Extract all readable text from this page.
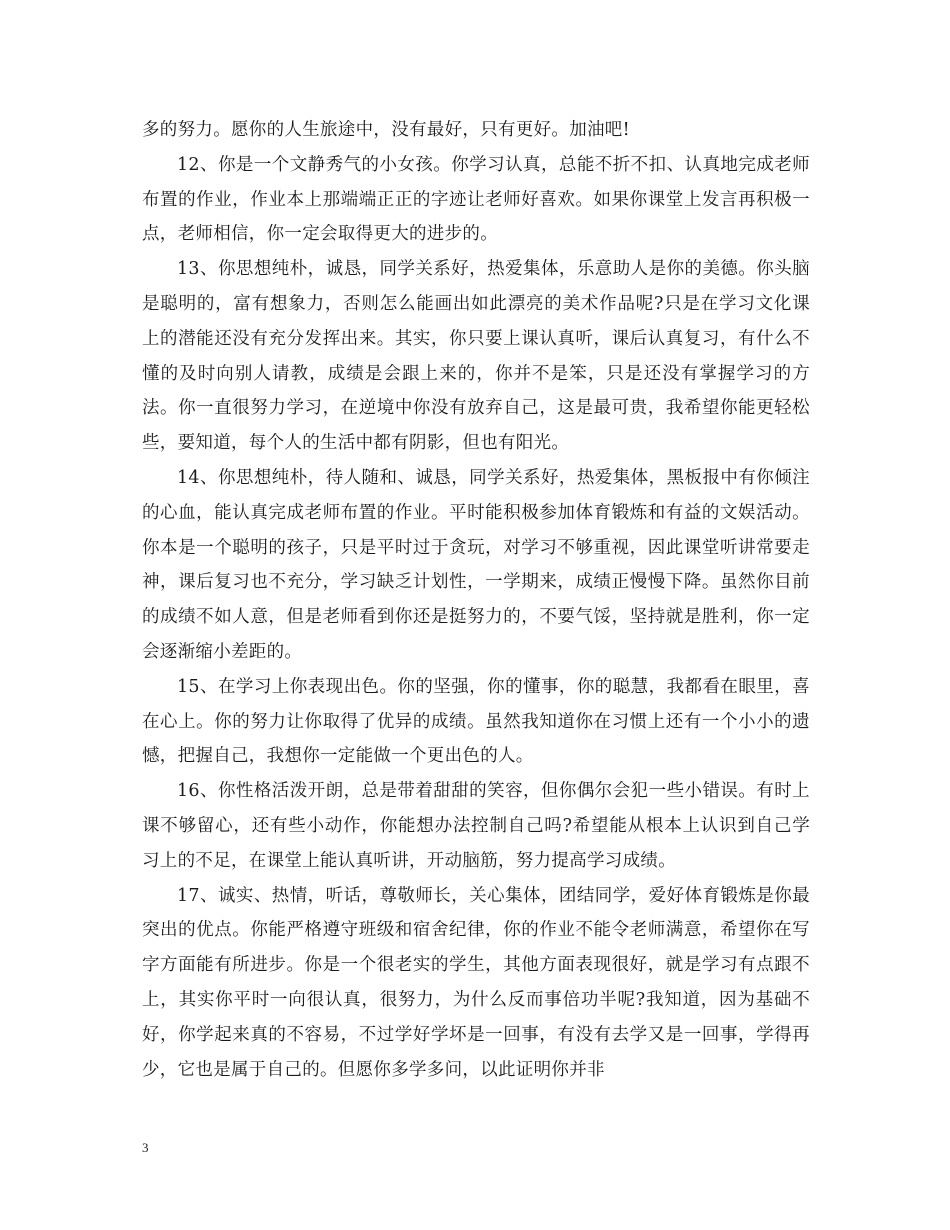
多的努力。愿你的人生旅途中，没有最好，只有更好。加油吧!

12、你是一个文静秀气的小女孩。你学习认真，总能不折不扣、认真地完成老师布置的作业，作业本上那端端正正的字迹让老师好喜欢。如果你课堂上发言再积极一点，老师相信，你一定会取得更大的进步的。

13、你思想纯朴，诚恳，同学关系好，热爱集体，乐意助人是你的美德。你头脑是聪明的，富有想象力，否则怎么能画出如此漂亮的美术作品呢?只是在学习文化课上的潜能还没有充分发挥出来。其实，你只要上课认真听，课后认真复习，有什么不懂的及时向别人请教，成绩是会跟上来的，你并不是笨，只是还没有掌握学习的方法。你一直很努力学习，在逆境中你没有放弃自己，这是最可贵，我希望你能更轻松些，要知道，每个人的生活中都有阴影，但也有阳光。

14、你思想纯朴，待人随和、诚恳，同学关系好，热爱集体，黑板报中有你倾注的心血，能认真完成老师布置的作业。平时能积极参加体育锻炼和有益的文娱活动。你本是一个聪明的孩子，只是平时过于贪玩，对学习不够重视，因此课堂听讲常要走神，课后复习也不充分，学习缺乏计划性，一学期来，成绩正慢慢下降。虽然你目前的成绩不如人意，但是老师看到你还是挺努力的，不要气馁，坚持就是胜利，你一定会逐渐缩小差距的。

15、在学习上你表现出色。你的坚强，你的懂事，你的聪慧，我都看在眼里，喜在心上。你的努力让你取得了优异的成绩。虽然我知道你在习惯上还有一个小小的遗憾，把握自己，我想你一定能做一个更出色的人。

16、你性格活泼开朗，总是带着甜甜的笑容，但你偶尔会犯一些小错误。有时上课不够留心，还有些小动作，你能想办法控制自己吗?希望能从根本上认识到自己学习上的不足，在课堂上能认真听讲，开动脑筋，努力提高学习成绩。

17、诚实、热情，听话，尊敬师长，关心集体，团结同学，爱好体育锻炼是你最突出的优点。你能严格遵守班级和宿舍纪律，你的作业不能令老师满意，希望你在写字方面能有所进步。你是一个很老实的学生，其他方面表现很好，就是学习有点跟不上，其实你平时一向很认真，很努力，为什么反而事倍功半呢?我知道，因为基础不好，你学起来真的不容易，不过学好学坏是一回事，有没有去学又是一回事，学得再少，它也是属于自己的。但愿你多学多问，以此证明你并非

3
